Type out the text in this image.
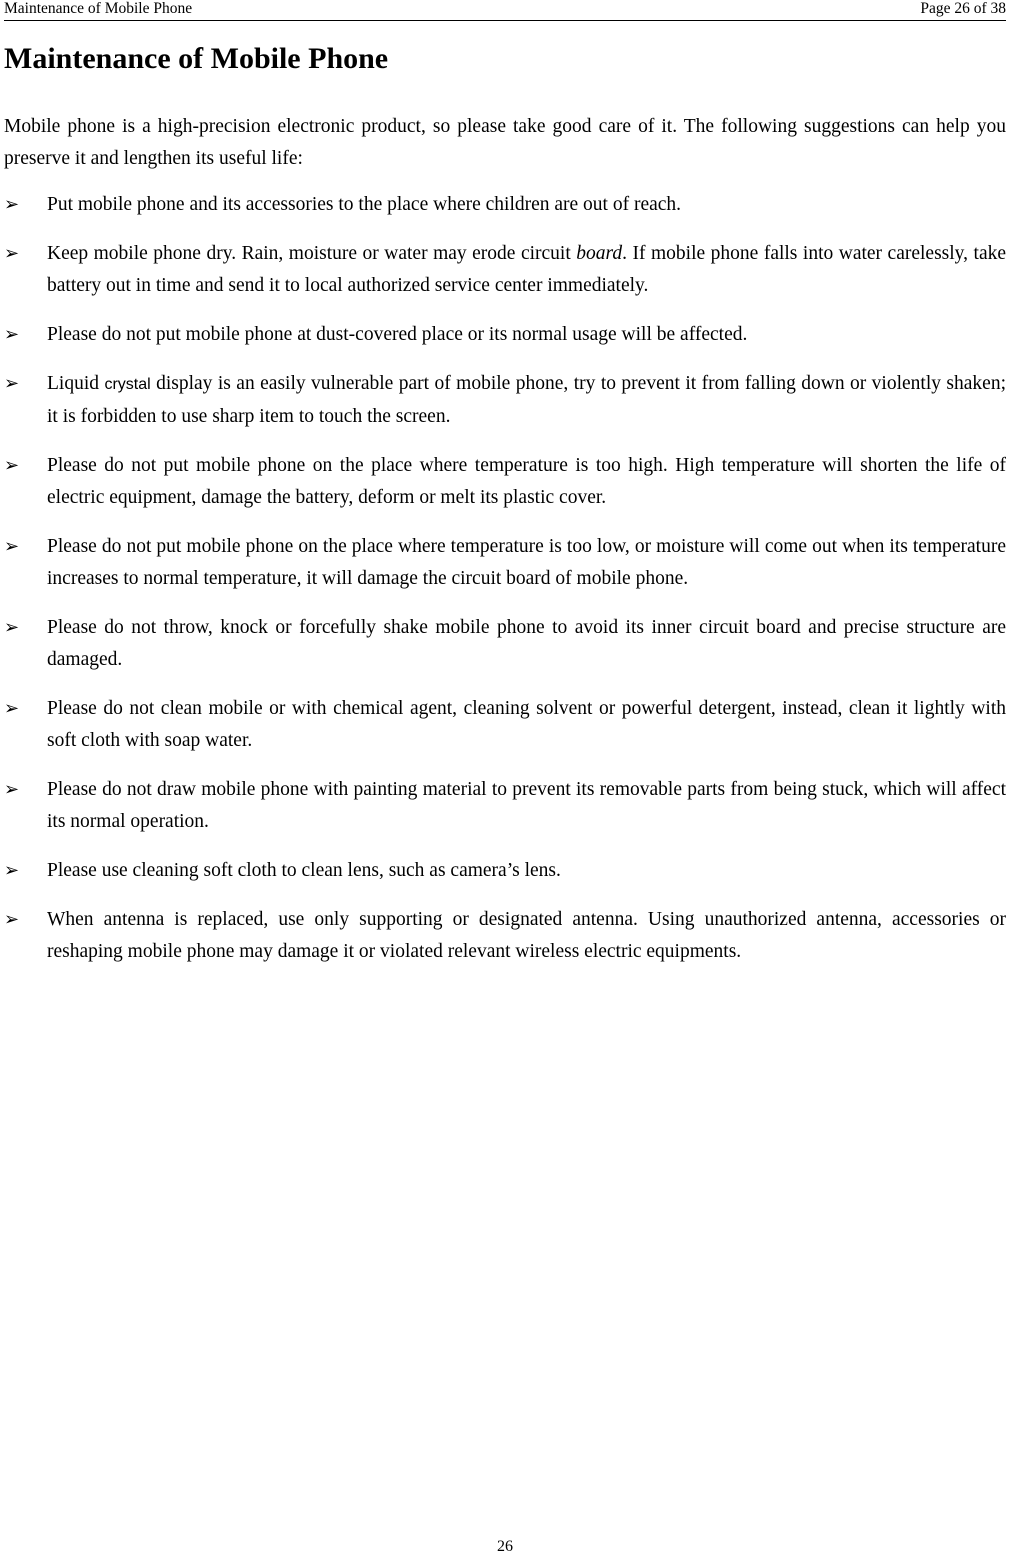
Maintenance of Mobile Phone	Page 26 of 38
Maintenance of Mobile Phone

Mobile phone is a high-precision electronic product, so please take good care of it. The following suggestions can help you preserve it and lengthen its useful life:

➢ Put mobile phone and its accessories to the place where children are out of reach.
➢ Keep mobile phone dry. Rain, moisture or water may erode circuit board. If mobile phone falls into water carelessly, take battery out in time and send it to local authorized service center immediately.
➢ Please do not put mobile phone at dust-covered place or its normal usage will be affected.
➢ Liquid crystal display is an easily vulnerable part of mobile phone, try to prevent it from falling down or violently shaken; it is forbidden to use sharp item to touch the screen.
➢ Please do not put mobile phone on the place where temperature is too high. High temperature will shorten the life of electric equipment, damage the battery, deform or melt its plastic cover.
➢ Please do not put mobile phone on the place where temperature is too low, or moisture will come out when its temperature increases to normal temperature, it will damage the circuit board of mobile phone.
➢ Please do not throw, knock or forcefully shake mobile phone to avoid its inner circuit board and precise structure are damaged.
➢ Please do not clean mobile or with chemical agent, cleaning solvent or powerful detergent, instead, clean it lightly with soft cloth with soap water.
➢ Please do not draw mobile phone with painting material to prevent its removable parts from being stuck, which will affect its normal operation.
➢ Please use cleaning soft cloth to clean lens, such as camera’s lens.
➢ When antenna is replaced, use only supporting or designated antenna. Using unauthorized antenna, accessories or reshaping mobile phone may damage it or violated relevant wireless electric equipments.
26
